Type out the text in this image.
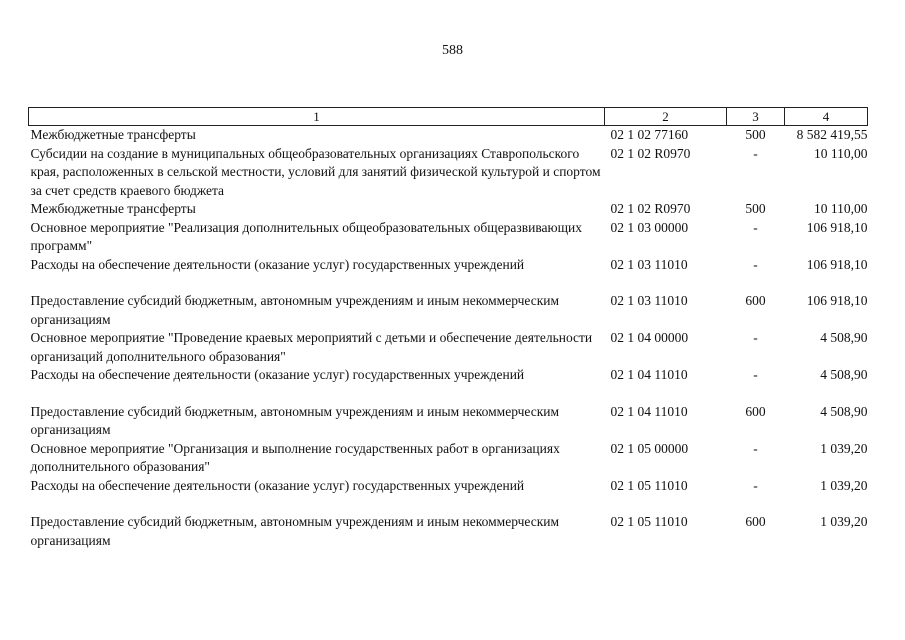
588
1	2	3	4
Межбюджетные трансферты	02 1 02 77160	500	8 582 419,55
Субсидии на создание в муниципальных общеобразовательных организациях Ставропольского края, расположенных в сельской местности, условий для занятий физической культурой и спортом за счет средств краевого бюджета	02 1 02 R0970	-	10 110,00
Межбюджетные трансферты	02 1 02 R0970	500	10 110,00
Основное мероприятие "Реализация дополнительных общеобразовательных общеразвивающих программ"	02 1 03 00000	-	106 918,10
Расходы на обеспечение деятельности (оказание услуг) государственных учреждений	02 1 03 11010	-	106 918,10
Предоставление субсидий бюджетным, автономным учреждениям и иным некоммерческим организациям	02 1 03 11010	600	106 918,10
Основное мероприятие "Проведение краевых мероприятий с детьми и обеспечение деятельности организаций дополнительного образования"	02 1 04 00000	-	4 508,90
Расходы на обеспечение деятельности (оказание услуг) государственных учреждений	02 1 04 11010	-	4 508,90
Предоставление субсидий бюджетным, автономным учреждениям и иным некоммерческим организациям	02 1 04 11010	600	4 508,90
Основное мероприятие "Организация и выполнение государственных работ в организациях дополнительного образования"	02 1 05 00000	-	1 039,20
Расходы на обеспечение деятельности (оказание услуг) государственных учреждений	02 1 05 11010	-	1 039,20
Предоставление субсидий бюджетным, автономным учреждениям и иным некоммерческим организациям	02 1 05 11010	600	1 039,20
